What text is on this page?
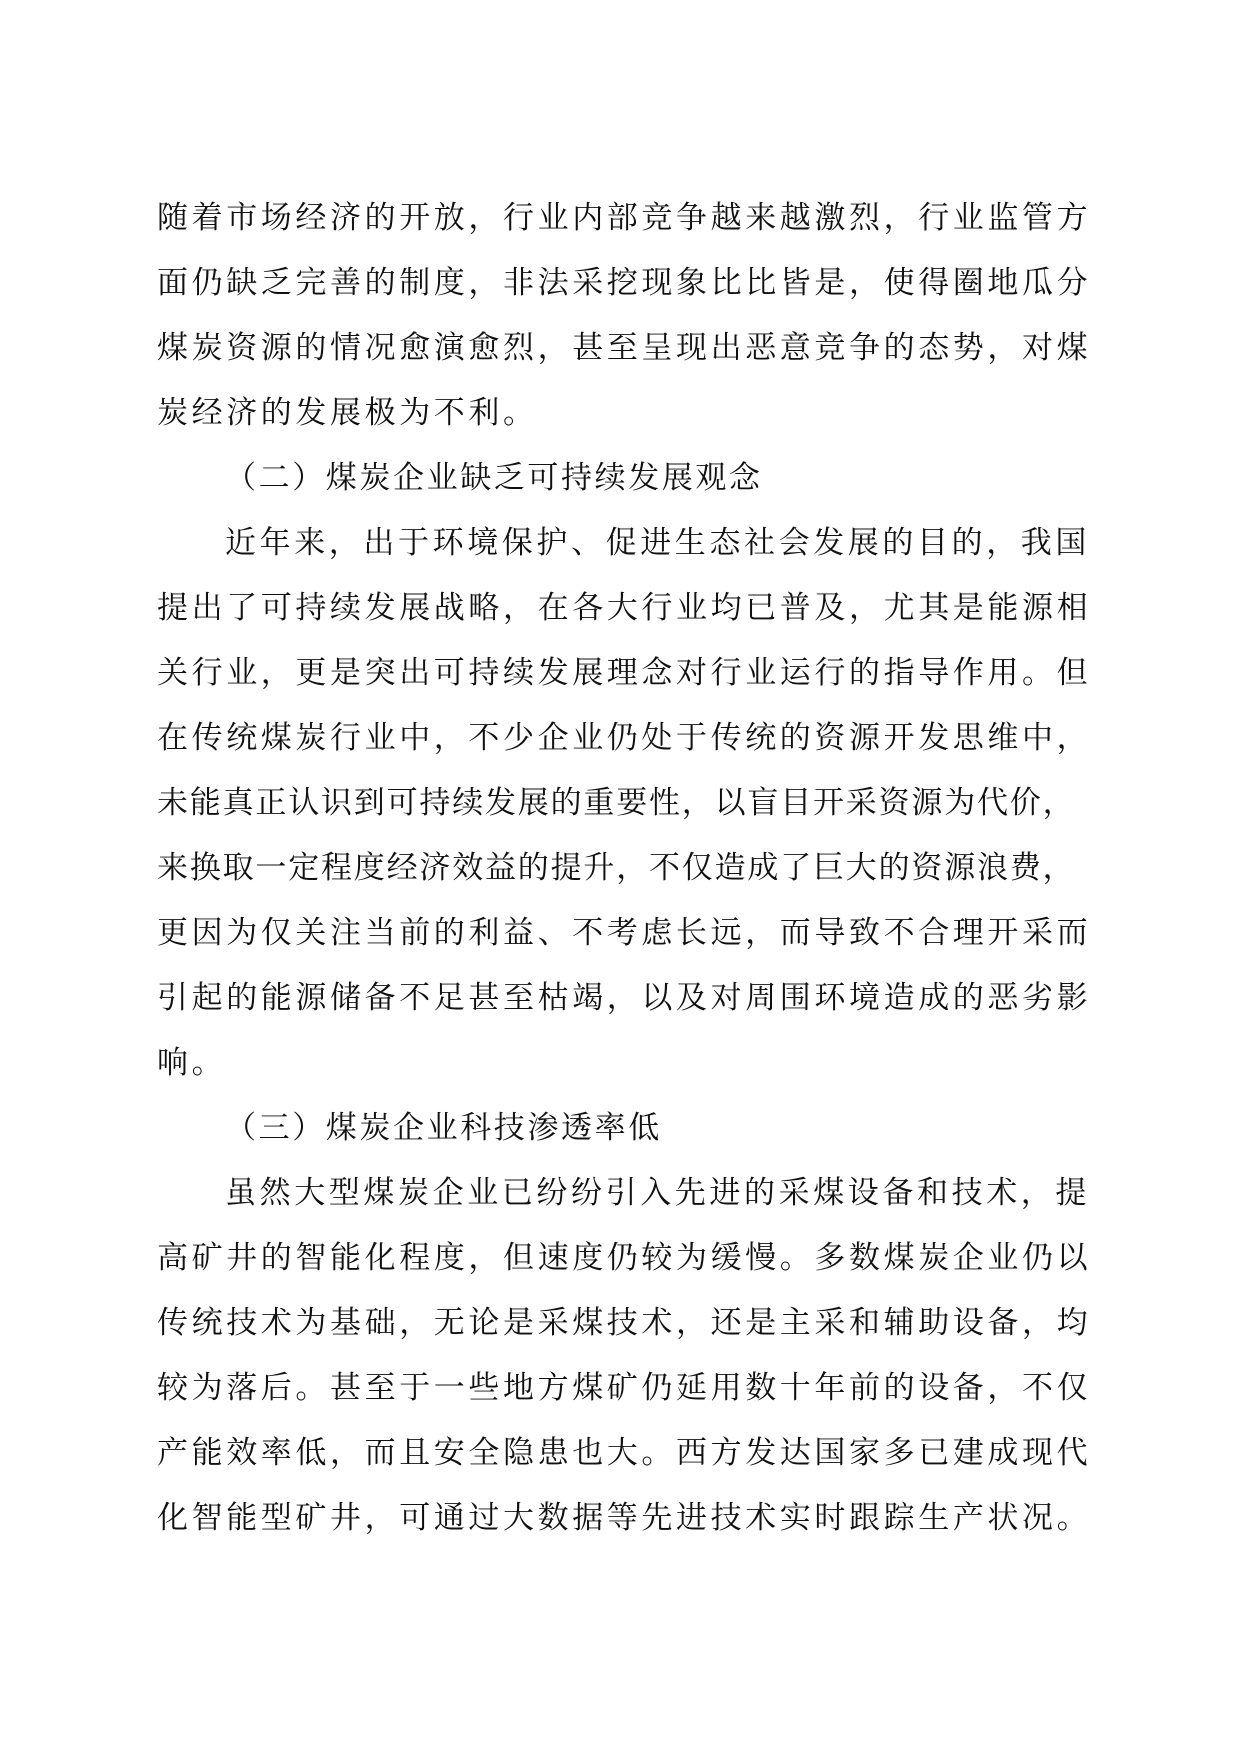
随着市场经济的开放，行业内部竞争越来越激烈，行业监管方
面仍缺乏完善的制度，非法采挖现象比比皆是，使得圈地瓜分
煤炭资源的情况愈演愈烈，甚至呈现出恶意竞争的态势，对煤
炭经济的发展极为不利。
（二）煤炭企业缺乏可持续发展观念
近年来，出于环境保护、促进生态社会发展的目的，我国
提出了可持续发展战略，在各大行业均已普及，尤其是能源相
关行业，更是突出可持续发展理念对行业运行的指导作用。但
在传统煤炭行业中，不少企业仍处于传统的资源开发思维中，
未能真正认识到可持续发展的重要性，以盲目开采资源为代价，
来换取一定程度经济效益的提升，不仅造成了巨大的资源浪费，
更因为仅关注当前的利益、不考虑长远，而导致不合理开采而
引起的能源储备不足甚至枯竭，以及对周围环境造成的恶劣影
响。
（三）煤炭企业科技渗透率低
虽然大型煤炭企业已纷纷引入先进的采煤设备和技术，提
高矿井的智能化程度，但速度仍较为缓慢。多数煤炭企业仍以
传统技术为基础，无论是采煤技术，还是主采和辅助设备，均
较为落后。甚至于一些地方煤矿仍延用数十年前的设备，不仅
产能效率低，而且安全隐患也大。西方发达国家多已建成现代
化智能型矿井，可通过大数据等先进技术实时跟踪生产状况。
